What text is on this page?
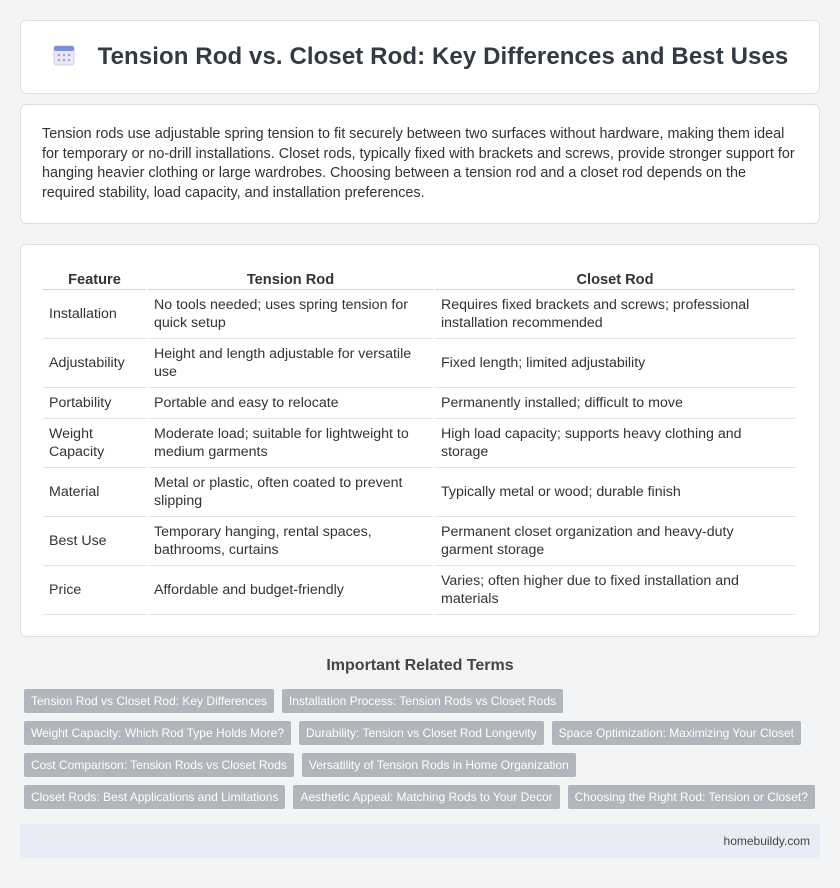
Tension Rod vs. Closet Rod: Key Differences and Best Uses

Tension rods use adjustable spring tension to fit securely between two surfaces without hardware, making them ideal for temporary or no-drill installations. Closet rods, typically fixed with brackets and screws, provide stronger support for hanging heavier clothing or large wardrobes. Choosing between a tension rod and a closet rod depends on the required stability, load capacity, and installation preferences.

Feature	Tension Rod	Closet Rod
Installation	No tools needed; uses spring tension for quick setup	Requires fixed brackets and screws; professional installation recommended
Adjustability	Height and length adjustable for versatile use	Fixed length; limited adjustability
Portability	Portable and easy to relocate	Permanently installed; difficult to move
Weight Capacity	Moderate load; suitable for lightweight to medium garments	High load capacity; supports heavy clothing and storage
Material	Metal or plastic, often coated to prevent slipping	Typically metal or wood; durable finish
Best Use	Temporary hanging, rental spaces, bathrooms, curtains	Permanent closet organization and heavy-duty garment storage
Price	Affordable and budget-friendly	Varies; often higher due to fixed installation and materials
Important Related Terms
Tension Rod vs Closet Rod: Key Differences	Installation Process: Tension Rods vs Closet Rods
Weight Capacity: Which Rod Type Holds More?	Durability: Tension vs Closet Rod Longevity	Space Optimization: Maximizing Your Closet
Cost Comparison: Tension Rods vs Closet Rods	Versatility of Tension Rods in Home Organization
Closet Rods: Best Applications and Limitations	Aesthetic Appeal: Matching Rods to Your Decor	Choosing the Right Rod: Tension or Closet?
homebuildy.com
